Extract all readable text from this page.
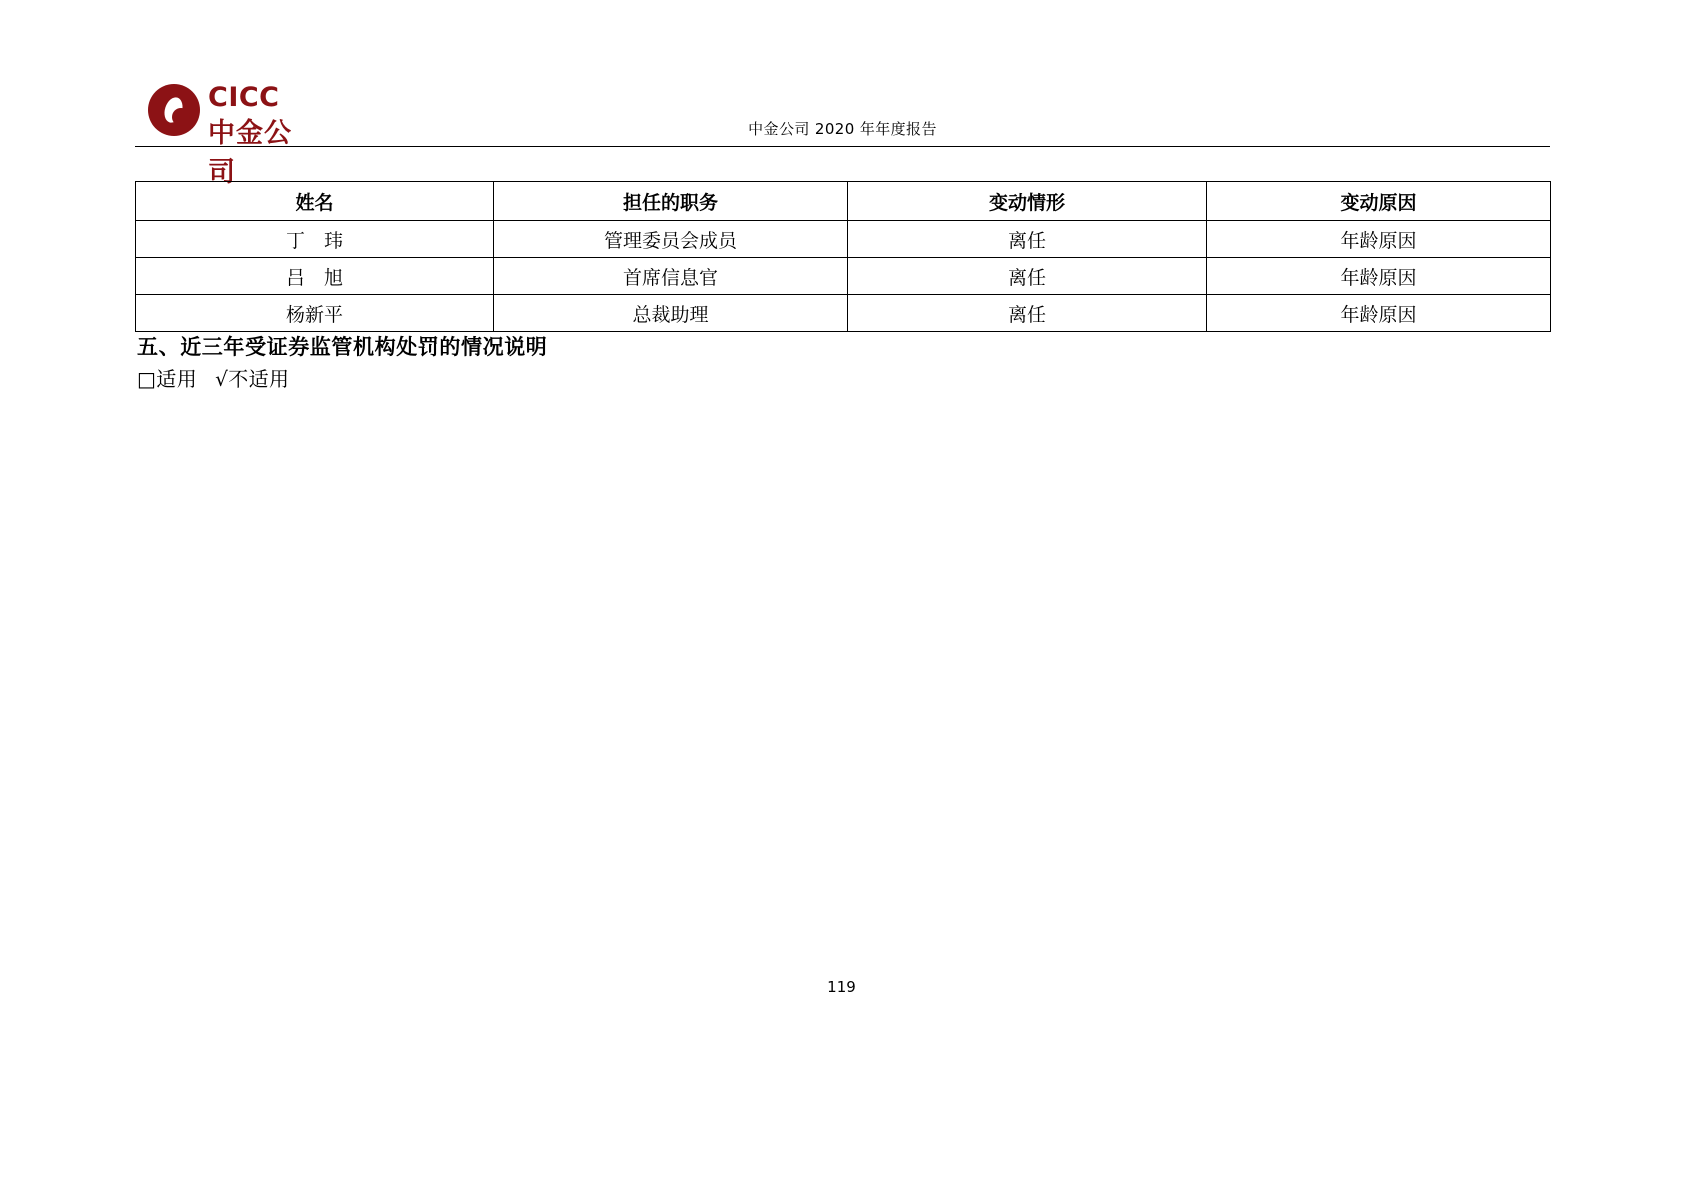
CICC
中金公司
中金公司 2020 年年度报告
姓名	担任的职务	变动情形	变动原因
丁　玮	管理委员会成员	离任	年龄原因
吕　旭	首席信息官	离任	年龄原因
杨新平	总裁助理	离任	年龄原因
五、近三年受证券监管机构处罚的情况说明
□适用 √不适用
119
